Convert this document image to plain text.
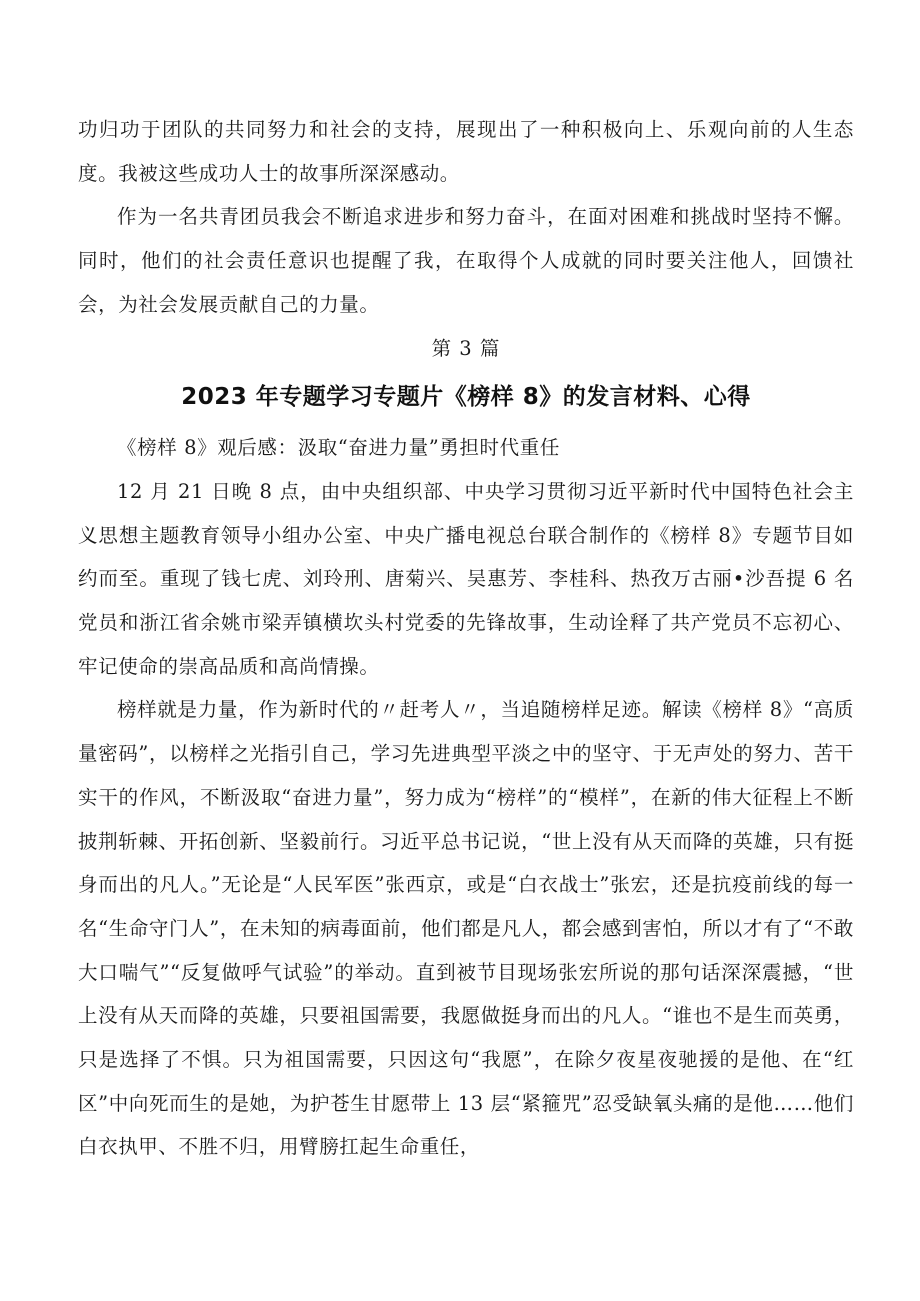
功归功于团队的共同努力和社会的支持，展现出了一种积极向上、乐观向前的人生态度。我被这些成功人士的故事所深深感动。

作为一名共青团员我会不断追求进步和努力奋斗，在面对困难和挑战时坚持不懈。同时，他们的社会责任意识也提醒了我，在取得个人成就的同时要关注他人，回馈社会，为社会发展贡献自己的力量。

第 3 篇

2023 年专题学习专题片《榜样 8》的发言材料、心得

《榜样 8》观后感：汲取“奋进力量”勇担时代重任

12 月 21 日晚 8 点，由中央组织部、中央学习贯彻习近平新时代中国特色社会主义思想主题教育领导小组办公室、中央广播电视总台联合制作的《榜样 8》专题节目如约而至。重现了钱七虎、刘玲刑、唐菊兴、吴惠芳、李桂科、热孜万古丽•沙吾提 6 名党员和浙江省余姚市梁弄镇横坎头村党委的先锋故事，生动诠释了共产党员不忘初心、牢记使命的崇高品质和高尚情操。

榜样就是力量，作为新时代的〃赶考人〃，当追随榜样足迹。解读《榜样 8》“高质量密码”，以榜样之光指引自己，学习先进典型平淡之中的坚守、于无声处的努力、苦干实干的作风，不断汲取“奋进力量”，努力成为“榜样”的“模样”，在新的伟大征程上不断披荆斩棘、开拓创新、坚毅前行。习近平总书记说，“世上没有从天而降的英雄，只有挺身而出的凡人。”无论是“人民军医”张西京，或是“白衣战士”张宏，还是抗疫前线的每一名“生命守门人”，在未知的病毒面前，他们都是凡人，都会感到害怕，所以才有了“不敢大口喘气”“反复做呼气试验”的举动。直到被节目现场张宏所说的那句话深深震撼，“世上没有从天而降的英雄，只要祖国需要，我愿做挺身而出的凡人。“谁也不是生而英勇，只是选择了不惧。只为祖国需要，只因这句“我愿”，在除夕夜星夜驰援的是他、在“红区”中向死而生的是她，为护苍生甘愿带上 13 层“紧箍咒”忍受缺氧头痛的是他……他们白衣执甲、不胜不归，用臂膀扛起生命重任，
